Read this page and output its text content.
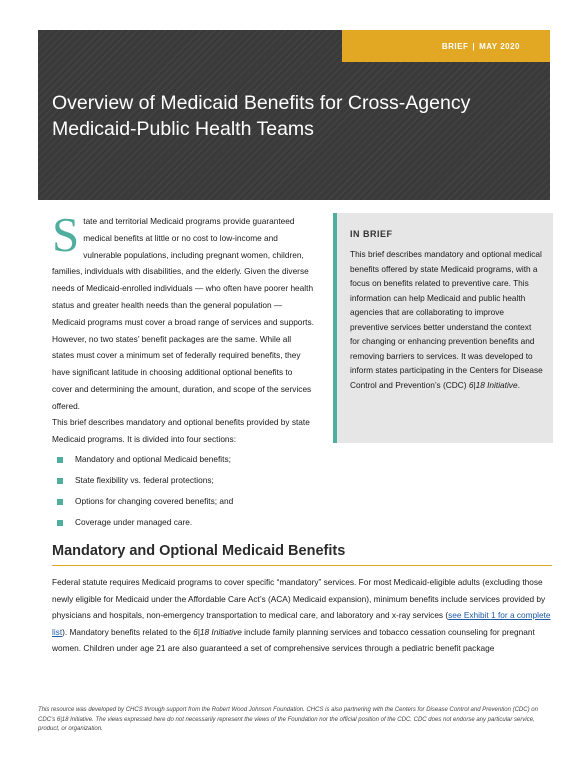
BRIEF | MAY 2020
Overview of Medicaid Benefits for Cross-Agency
Medicaid-Public Health Teams

S tate and territorial Medicaid programs provide guaranteed medical benefits at little or no cost to low-income and vulnerable populations, including pregnant women, children, families, individuals with disabilities, and the elderly. Given the diverse needs of Medicaid-enrolled individuals — who often have poorer health status and greater health needs than the general population — Medicaid programs must cover a broad range of services and supports. However, no two states’ benefit packages are the same. While all states must cover a minimum set of federally required benefits, they have significant latitude in choosing additional optional benefits to cover and determining the amount, duration, and scope of the services offered.

This brief describes mandatory and optional benefits provided by state Medicaid programs. It is divided into four sections:

Mandatory and optional Medicaid benefits;
State flexibility vs. federal protections;
Options for changing covered benefits; and
Coverage under managed care.
IN BRIEF

This brief describes mandatory and optional medical benefits offered by state Medicaid programs, with a focus on benefits related to preventive care. This information can help Medicaid and public health agencies that are collaborating to improve preventive services better understand the context for changing or enhancing prevention benefits and removing barriers to services. It was developed to inform states participating in the Centers for Disease Control and Prevention’s (CDC) 6|18 Initiative.

Mandatory and Optional Medicaid Benefits

Federal statute requires Medicaid programs to cover specific “mandatory” services. For most Medicaid-eligible adults (excluding those newly eligible for Medicaid under the Affordable Care Act’s (ACA) Medicaid expansion), minimum benefits include services provided by physicians and hospitals, non-emergency transportation to medical care, and laboratory and x-ray services (see Exhibit 1 for a complete list). Mandatory benefits related to the 6|18 Initiative include family planning services and tobacco cessation counseling for pregnant women. Children under age 21 are also guaranteed a set of comprehensive services through a pediatric benefit package

This resource was developed by CHCS through support from the Robert Wood Johnson Foundation. CHCS is also partnering with the Centers for Disease Control and Prevention (CDC) on CDC’s 6|18 Initiative. The views expressed here do not necessarily represent the views of the Foundation nor the official position of the CDC. CDC does not endorse any particular service, product, or organization.
